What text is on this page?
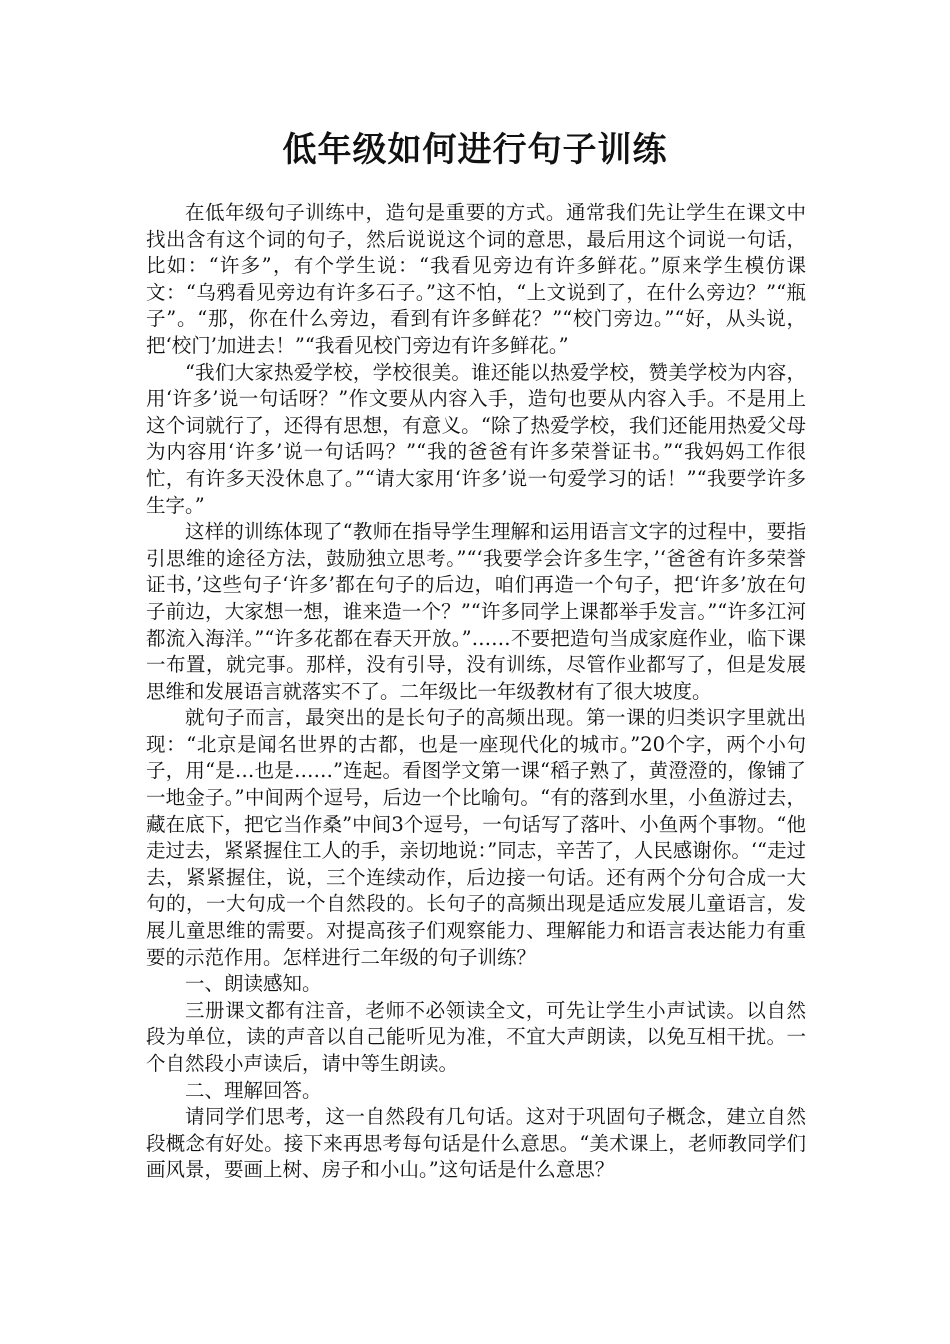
低年级如何进行句子训练

在低年级句子训练中，造句是重要的方式。通常我们先让学生在课文中找出含有这个词的句子，然后说说这个词的意思，最后用这个词说一句话，比如：“许多”，有个学生说：“我看见旁边有许多鲜花。”原来学生模仿课文：“乌鸦看见旁边有许多石子。”这不怕，“上文说到了，在什么旁边？”“瓶子”。“那，你在什么旁边，看到有许多鲜花？”“校门旁边。”“好，从头说，把‘校门’加进去！”“我看见校门旁边有许多鲜花。”

“我们大家热爱学校，学校很美。谁还能以热爱学校，赞美学校为内容，用‘许多’说一句话呀？”作文要从内容入手，造句也要从内容入手。不是用上这个词就行了，还得有思想，有意义。“除了热爱学校，我们还能用热爱父母为内容用‘许多’说一句话吗？”“我的爸爸有许多荣誉证书。”“我妈妈工作很忙，有许多天没休息了。”“请大家用‘许多’说一句爱学习的话！”“我要学许多生字。”

这样的训练体现了“教师在指导学生理解和运用语言文字的过程中，要指引思维的途径方法，鼓励独立思考。”“‘我要学会许多生字，’‘爸爸有许多荣誉证书，’这些句子‘许多’都在句子的后边，咱们再造一个句子，把‘许多’放在句子前边，大家想一想，谁来造一个？”“许多同学上课都举手发言。”“许多江河都流入海洋。”“许多花都在春天开放。”……不要把造句当成家庭作业，临下课一布置，就完事。那样，没有引导，没有训练，尽管作业都写了，但是发展思维和发展语言就落实不了。二年级比一年级教材有了很大坡度。

就句子而言，最突出的是长句子的高频出现。第一课的归类识字里就出现：“北京是闻名世界的古都，也是一座现代化的城市。”20个字，两个小句子，用“是…也是……”连起。看图学文第一课“稻子熟了，黄澄澄的，像铺了一地金子。”中间两个逗号，后边一个比喻句。“有的落到水里，小鱼游过去，藏在底下，把它当作桑”中间3个逗号，一句话写了落叶、小鱼两个事物。“他走过去，紧紧握住工人的手，亲切地说：”同志，辛苦了，人民感谢你。‘“走过去，紧紧握住，说，三个连续动作，后边接一句话。还有两个分句合成一大句的，一大句成一个自然段的。长句子的高频出现是适应发展儿童语言，发展儿童思维的需要。对提高孩子们观察能力、理解能力和语言表达能力有重要的示范作用。怎样进行二年级的句子训练？

一、朗读感知。

三册课文都有注音，老师不必领读全文，可先让学生小声试读。以自然段为单位，读的声音以自己能听见为准，不宜大声朗读，以免互相干扰。一个自然段小声读后，请中等生朗读。

二、理解回答。

请同学们思考，这一自然段有几句话。这对于巩固句子概念，建立自然段概念有好处。接下来再思考每句话是什么意思。“美术课上，老师教同学们画风景，要画上树、房子和小山。”这句话是什么意思？
